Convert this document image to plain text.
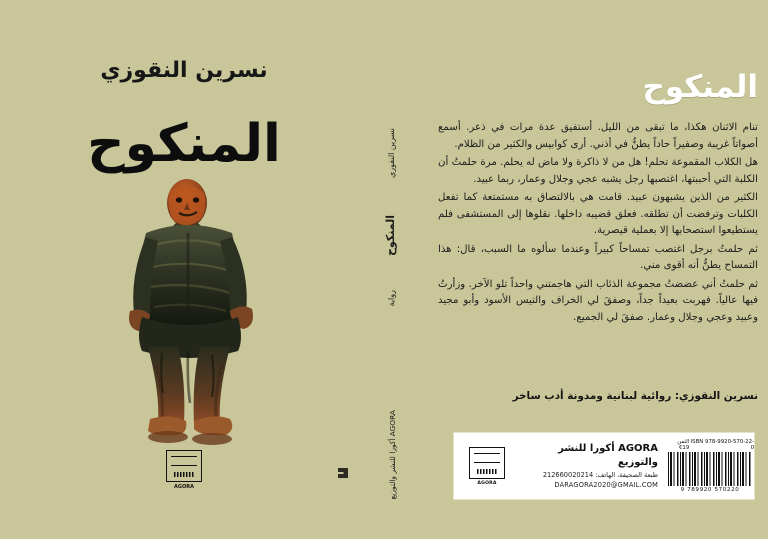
المنكوح

تنام الاثنان هكذا، ما تبقى من الليل. أستفيق عدة مرات في ذعر. أسمع أصواتاً غريبة وصفيراً حاداً يطنُّ في أذني. أرى كوابيس والكثير من الظلام.

هل الكلاب المقموعة تحلم! هل من لا ذاكرة ولا ماض له يحلم. مرة حلمتُ أن الكلبة التي أحببتها، اغتصبها رجل يشبه عجي وجلال وعمار، ربما عبيد.

الكثير من الذين يشبهون عبيد. قامت هي بالالتصاق به مستمتعة كما تفعل الكلبات وترفضت أن تطلقه. فعلق قضيبه داخلها. نقلوها إلى المستشفى فلم يستطيعوا استصحابها إلا بعملية قيصرية.

ثم حلمتُ برجل اغتصب تمساحاً كبيراً وعندما سألوه ما السبب، قال: هذا التمساح يطنُّ أنه أقوى مني.

ثم حلمتُ أني عضضتُ مجموعة الذئاب التي هاجمتني واحداً تلو الآخر. وزأرتُ فيها عالياً. فهربت بعيداً جداً، وصفقَ لي الخراف والتيس الأسود وأبو مجيد وعبيد وعجي وجلال وعمار. صفقَ لي الجميع.

نسرين النقوزي: روائية لبنانية ومدونة أدب ساخر
AGORA
AGORA أكورا للنشر والتوزيع
طبعة الصحيفة، الهاتف: 212660020214
DARAGORA2020@GMAIL.COM
ISBN 978-9920-570-22-0
الثمن 19€
9 789920 570220
نسرين النقوزي
المنكوح
رواية
أكورا للنشر والتوزيع AGORA
نسرين النقوزي
المنكوح
AGORA
